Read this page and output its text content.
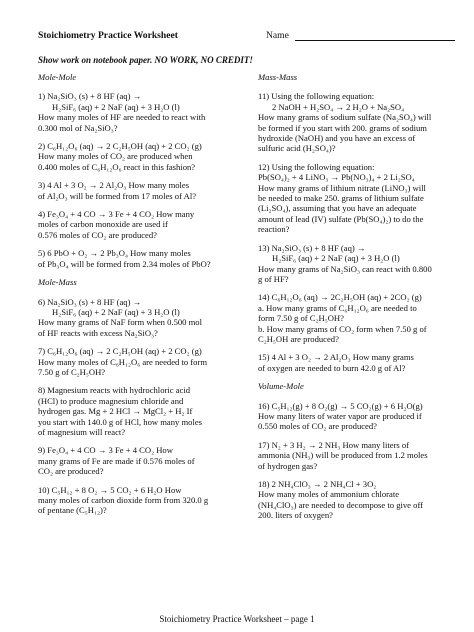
Stoichiometry Practice Worksheet	Name
Show work on notebook paper. NO WORK, NO CREDIT!
Mole-Mole
1) Na₂SiO₃ (s) + 8 HF (aq) →
H₂SiF₆ (aq) + 2 NaF (aq) + 3 H₂O (l)
How many moles of HF are needed to react with
0.300 mol of Na₂SiO₃?
2) C₆H₁₂O₆ (aq) → 2 C₂H₅OH (aq) + 2 CO₂ (g)
How many moles of CO₂ are produced when
0.400 moles of C₆H₁₂O₆ react in this fashion?
3) 4 Al + 3 O₂ → 2 Al₂O₃ How many moles
of Al₂O₃ will be formed from 17 moles of Al?
4) Fe₃O₄ + 4 CO → 3 Fe + 4 CO₂ How many
moles of carbon monoxide are used if
0.576 moles of CO₂ are produced?
5) 6 PbO + O₂ → 2 Pb₃O₄ How many moles
of Pb₃O₄ will be formed from 2.34 moles of PbO?
Mole-Mass
6) Na₂SiO₃ (s) + 8 HF (aq) →
H₂SiF₆ (aq) + 2 NaF (aq) + 3 H₂O (l)
How many grams of NaF form when 0.500 mol
of HF reacts with excess Na₂SiO₃?
7) C₆H₁₂O₆ (aq) → 2 C₂H₅OH (aq) + 2 CO₂ (g)
How many moles of C₆H₁₂O₆ are needed to form
7.50 g of C₂H₅OH?
8) Magnesium reacts with hydrochloric acid
(HCl) to produce magnesium chloride and
hydrogen gas. Mg + 2 HCl → MgCl₂ + H₂ If
you start with 140.0 g of HCl, how many moles
of magnesium will react?
9) Fe₃O₄ + 4 CO → 3 Fe + 4 CO₂ How
many grams of Fe are made if 0.576 moles of
CO₂ are produced?
10) C₅H₁₂ + 8 O₂ → 5 CO₂ + 6 H₂O How
many moles of carbon dioxide form from 320.0 g
of pentane (C₅H₁₂)?
Mass-Mass
11) Using the following equation:
2 NaOH + H₂SO₄ → 2 H₂O + Na₂SO₄
How many grams of sodium sulfate (Na₂SO₄) will
be formed if you start with 200. grams of sodium
hydroxide (NaOH) and you have an excess of
sulfuric acid (H₂SO₄)?
12) Using the following equation:
Pb(SO₄)₂ + 4 LiNO₃ → Pb(NO₃)₄ + 2 Li₂SO₄
How many grams of lithium nitrate (LiNO₃) will
be needed to make 250. grams of lithium sulfate
(Li₂SO₄), assuming that you have an adequate
amount of lead (IV) sulfate (Pb(SO₄)₂) to do the
reaction?
13) Na₂SiO₃ (s) + 8 HF (aq) →
H₂SiF₆ (aq) + 2 NaF (aq) + 3 H₂O (l)
How many grams of Na₂SiO₃ can react with 0.800
g of HF?
14) C₆H₁₂O₆ (aq) → 2C₂H₅OH (aq) + 2CO₂ (g)
a. How many grams of C₆H₁₂O₆ are needed to
form 7.50 g of C₂H₅OH?
b. How many grams of CO₂ form when 7.50 g of
C₂H₅OH are produced?
15) 4 Al + 3 O₂ → 2 Al₂O₃ How many grams
of oxygen are needed to burn 42.0 g of Al?
Volume-Mole
16) C₅H₁₂(g) + 8 O₂(g) → 5 CO₂(g) + 6 H₂O(g)
How many liters of water vapor are produced if
0.550 moles of CO₂ are produced?
17) N₂ + 3 H₂ → 2 NH₃ How many liters of
ammonia (NH₃) will be produced from 1.2 moles
of hydrogen gas?
18) 2 NH₄ClO₃ → 2 NH₄Cl + 3O₂
How many moles of ammonium chlorate
(NH₄ClO₃) are needed to decompose to give off
200. liters of oxygen?
Stoichiometry Practice Worksheet – page 1
